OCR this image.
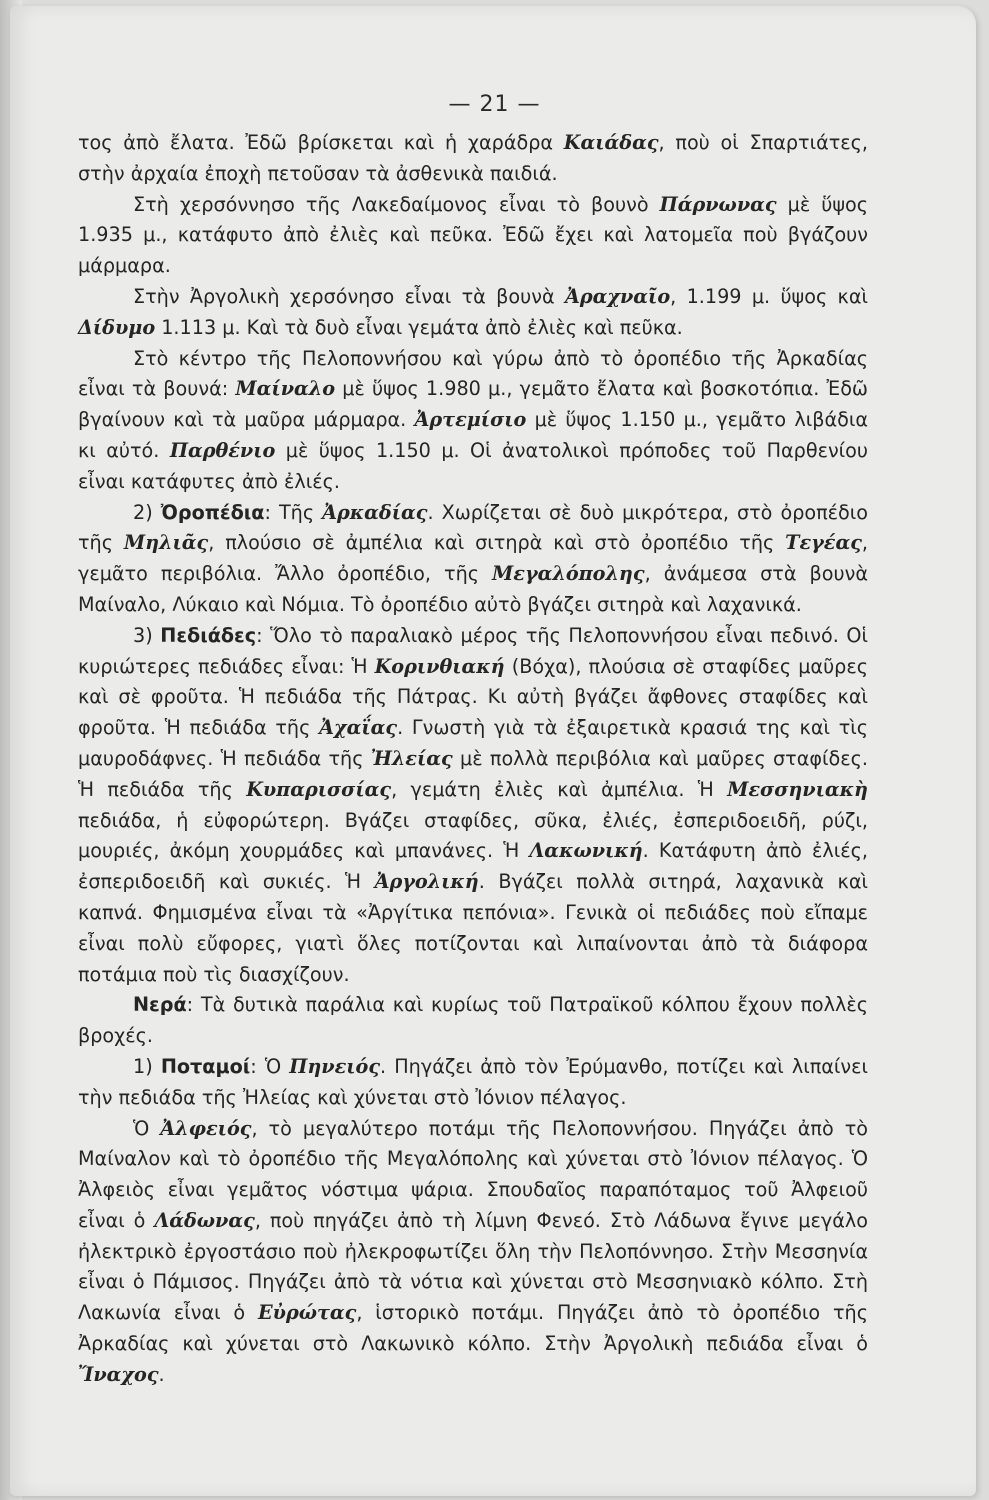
— 21 —

τος ἀπὸ ἔλατα. Ἐδῶ βρίσκεται καὶ ἡ χαράδρα Καιάδας, ποὺ οἱ Σπαρτιάτες, στὴν ἀρχαία ἐποχὴ πετοῦσαν τὰ ἀσθενικὰ παιδιά.

Στὴ χερσόννησο τῆς Λακεδαίμονος εἶναι τὸ βουνὸ Πάρνωνας μὲ ὕψος 1.935 μ., κατάφυτο ἀπὸ ἐλιὲς καὶ πεῦκα. Ἐδῶ ἔχει καὶ λατομεῖα ποὺ βγάζουν μάρμαρα.

Στὴν Ἀργολικὴ χερσόνησο εἶναι τὰ βουνὰ Ἀραχναῖο, 1.199 μ. ὕψος καὶ Δίδυμο 1.113 μ. Καὶ τὰ δυὸ εἶναι γεμάτα ἀπὸ ἐλιὲς καὶ πεῦκα.

Στὸ κέντρο τῆς Πελοποννήσου καὶ γύρω ἀπὸ τὸ ὀροπέδιο τῆς Ἀρκαδίας εἶναι τὰ βουνά: Μαίναλο μὲ ὕψος 1.980 μ., γεμᾶτο ἔλατα καὶ βοσκοτόπια. Ἐδῶ βγαίνουν καὶ τὰ μαῦρα μάρμαρα. Ἀρτεμίσιο μὲ ὕψος 1.150 μ., γεμᾶτο λιβάδια κι αὐτό. Παρθένιο μὲ ὕψος 1.150 μ. Οἱ ἀνατολικοὶ πρόποδες τοῦ Παρθενίου εἶναι κατάφυτες ἀπὸ ἐλιές.

2) Ὀροπέδια: Τῆς Ἀρκαδίας. Χωρίζεται σὲ δυὸ μικρότερα, στὸ ὀροπέδιο τῆς Μηλιᾶς, πλούσιο σὲ ἀμπέλια καὶ σιτηρὰ καὶ στὸ ὀροπέδιο τῆς Τεγέας, γεμᾶτο περιβόλια. Ἄλλο ὀροπέδιο, τῆς Μεγαλόπολης, ἀνάμεσα στὰ βουνὰ Μαίναλο, Λύκαιο καὶ Νόμια. Τὸ ὀροπέδιο αὐτὸ βγάζει σιτηρὰ καὶ λαχανικά.

3) Πεδιάδες: Ὅλο τὸ παραλιακὸ μέρος τῆς Πελοποννήσου εἶναι πεδινό. Οἱ κυριώτερες πεδιάδες εἶναι: Ἡ Κορινθιακή (Βόχα), πλούσια σὲ σταφίδες μαῦρες καὶ σὲ φροῦτα. Ἡ πεδιάδα τῆς Πάτρας. Κι αὐτὴ βγάζει ἄφθονες σταφίδες καὶ φροῦτα. Ἡ πεδιάδα τῆς Ἀχαΐας. Γνωστὴ γιὰ τὰ ἐξαιρετικὰ κρασιά της καὶ τὶς μαυροδάφνες. Ἡ πεδιάδα τῆς Ἠλείας μὲ πολλὰ περιβόλια καὶ μαῦρες σταφίδες. Ἡ πεδιάδα τῆς Κυπαρισσίας, γεμάτη ἐλιὲς καὶ ἀμπέλια. Ἡ Μεσσηνιακὴ πεδιάδα, ἡ εὐφορώτερη. Βγάζει σταφίδες, σῦκα, ἐλιές, ἐσπεριδοειδῆ, ρύζι, μουριές, ἀκόμη χουρμάδες καὶ μπανάνες. Ἡ Λακωνική. Κατάφυτη ἀπὸ ἐλιές, ἐσπεριδοειδῆ καὶ συκιές. Ἡ Ἀργολική. Βγάζει πολλὰ σιτηρά, λαχανικὰ καὶ καπνά. Φημισμένα εἶναι τὰ «Ἀργίτικα πεπόνια». Γενικὰ οἱ πεδιάδες ποὺ εἴπαμε εἶναι πολὺ εὔφορες, γιατὶ ὅλες ποτίζονται καὶ λιπαίνονται ἀπὸ τὰ διάφορα ποτάμια ποὺ τὶς διασχίζουν.

Νερά: Τὰ δυτικὰ παράλια καὶ κυρίως τοῦ Πατραϊκοῦ κόλπου ἔχουν πολλὲς βροχές.

1) Ποταμοί: Ὁ Πηνειός. Πηγάζει ἀπὸ τὸν Ἐρύμανθο, ποτίζει καὶ λιπαίνει τὴν πεδιάδα τῆς Ἠλείας καὶ χύνεται στὸ Ἰόνιον πέλαγος.

Ὁ Ἀλφειός, τὸ μεγαλύτερο ποτάμι τῆς Πελοποννήσου. Πηγάζει ἀπὸ τὸ Μαίναλον καὶ τὸ ὀροπέδιο τῆς Μεγαλόπολης καὶ χύνεται στὸ Ἰόνιον πέλαγος. Ὁ Ἀλφειὸς εἶναι γεμᾶτος νόστιμα ψάρια. Σπουδαῖος παραπόταμος τοῦ Ἀλφειοῦ εἶναι ὁ Λάδωνας, ποὺ πηγάζει ἀπὸ τὴ λίμνη Φενεό. Στὸ Λάδωνα ἔγινε μεγάλο ἠλεκτρικὸ ἐργοστάσιο ποὺ ἠλεκροφωτίζει ὅλη τὴν Πελοπόννησο. Στὴν Μεσσηνία εἶναι ὁ Πάμισος. Πηγάζει ἀπὸ τὰ νότια καὶ χύνεται στὸ Μεσσηνιακὸ κόλπο. Στὴ Λακωνία εἶναι ὁ Εὐρώτας, ἱστορικὸ ποτάμι. Πηγάζει ἀπὸ τὸ ὀροπέδιο τῆς Ἀρκαδίας καὶ χύνεται στὸ Λακωνικὸ κόλπο. Στὴν Ἀργολικὴ πεδιάδα εἶναι ὁ Ἴναχος.
